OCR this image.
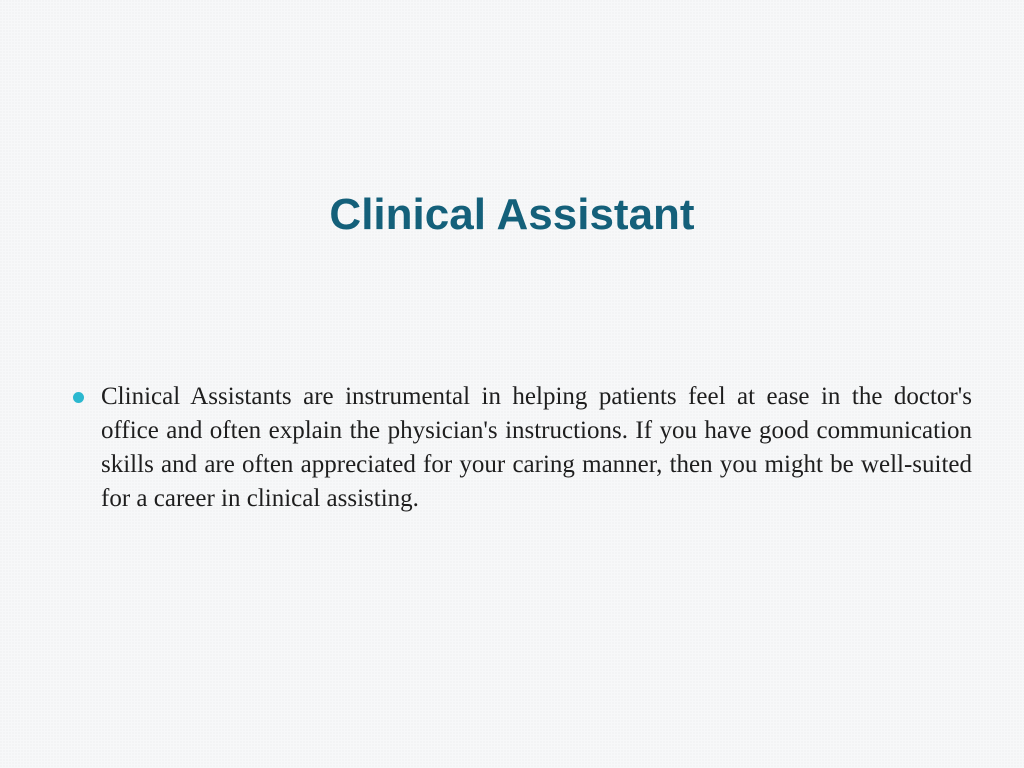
Clinical Assistant
Clinical Assistants are instrumental in helping patients feel at ease in the doctor's office and often explain the physician's instructions. If you have good communication skills and are often appreciated for your caring manner, then you might be well-suited for a career in clinical assisting.
